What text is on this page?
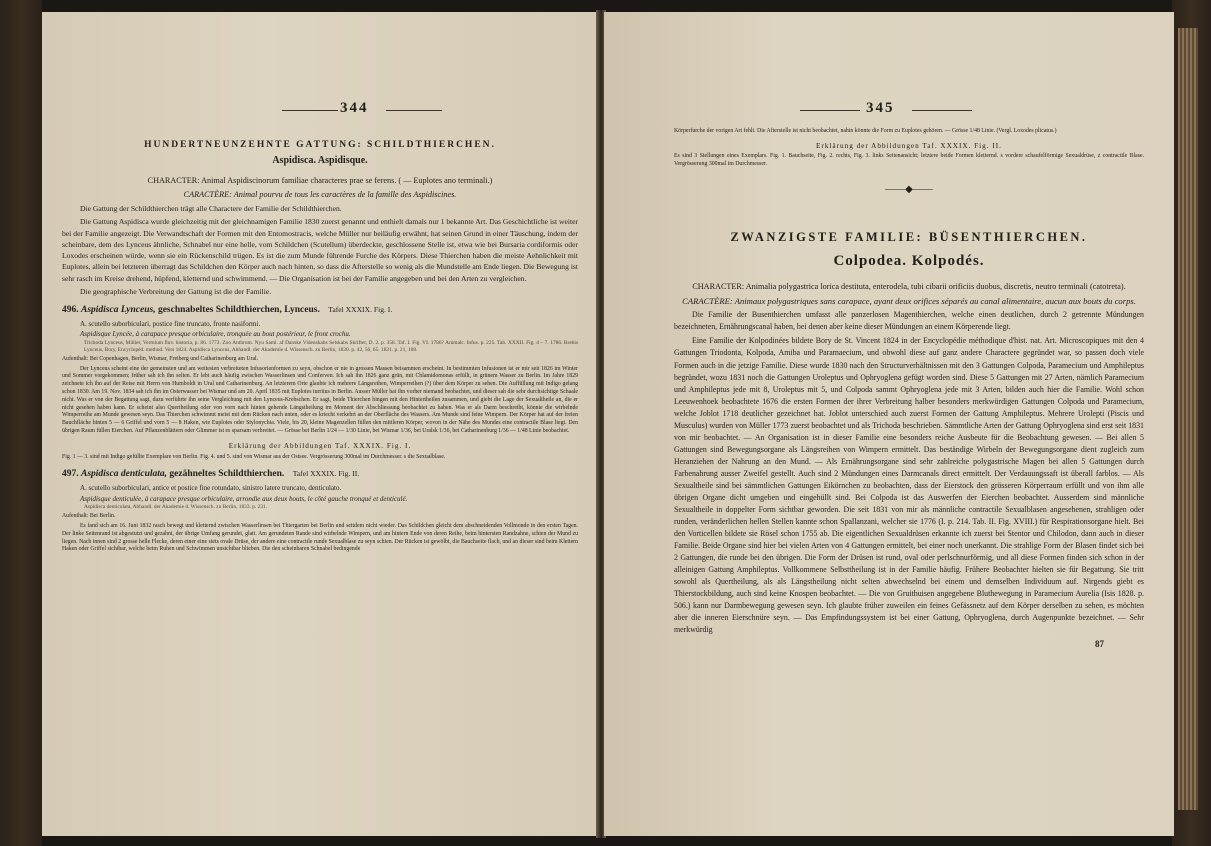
344
HUNDERTNEUNZEHNTE GATTUNG: SCHILDTHIERCHEN.
Aspidisca. Aspidisque.
CHARACTER: Animal Aspidiscinorum familiae characteres prae se ferens. ( — Euplotes ano terminali.)
CARACTÈRE: Animal pourvu de tous les caractères de la famille des Aspidiscines.
Die Gattung der Schildthierchen trägt alle Charactere der Familie der Schildthierchen.
Die Gattung Aspidisca wurde gleichzeitig mit der gleichnamigen Familie 1830 zuerst genannt und enthielt damals nur 1 bekannte Art. Das Geschichtliche ist weiter bei der Familie angezeigt. Die Verwandtschaft der Formen mit den Entomostracis, welche Müller nur beiläufig erwähnt, hat seinen Grund in einer Täuschung, indem der scheinbare, dem des Lynceus ähnliche, Schnabel nur eine helle, vom Schildchen (Scutellum) überdeckte, geschlossene Stelle ist, etwa wie bei Bursaria cordiformis oder Loxodes erscheinen würde, wenn sie ein Rückenschild trügen. Es ist die zum Munde führende Furche des Körpers. Diese Thierchen haben die meiste Aehnlichkeit mit Euplotes, allein bei letzteren überragt das Schildchen den Körper auch nach hinten, so dass die Afterstelle so wenig als die Mundstelle am Ende liegen. Die Bewegung ist sehr rasch im Kreise drehend, hüpfend, kletternd und schwimmend. — Die Organisation ist bei der Familie angegeben und bei den Arten zu vergleichen.
Die geographische Verbreitung der Gattung ist die der Familie.
496. Aspidisca Lynceus, geschnabeltes Schildthierchen, Lynceus. Tafel XXXIX. Fig. I.
A. scutello suborbiculari, postice fine truncato, fronte nasiformi.
Aspidisque Lyncée, à carapace presque orbiculaire, tronquée au bout postérieur, le front crochu.
Trichoda Lynceus, Müller, Vermium fluv. historia, p. 86. 1773. Zoo Anthrum. Nyu Saml. af Danske Videnskabs Selskabs Skrifter, D. 2. p. 358. Taf. I. Fig. VI. 1786? Animalc. Infus. p. 225. Tab. XXXII. Fig. 4 – 7. 1786. Brebis Lynceus, Bory, Encyclopéd. method. Vers 1824. Aspidisca Lynceus, Abhandl. der Akademie d. Wissensch. zu Berlin, 1830. p. 42, 56, 65. 1831. p. 21, 108.
Aufenthalt: Bei Copenhagen, Berlin, Wismar, Freiberg und Catharinenburg am Ural.
Der Lynceus scheint eine der gemeinsten und am weitesten verbreiteten Infusorienformen zu seyn, obschon er nie in grossen Massen beisammen erscheint. In bestimmten Infusionen ist er mir seit 1826 im Winter und Sommer vorgekommen; früher sah ich ihn selten. Er lebt auch häufig zwischen Wasserlinsen und Conferven. Ich sah ihn 1826 ganz grün, mit Chlamidomonas erfüllt, in grünem Wasser zu Berlin. Im Jahre 1829 zeichnete ich ihn auf der Reise mit Herrn von Humboldt in Ural und Catharinenburg. An letzterem Orte glaubte ich mehrere Längsreihen, Wimperreihen (?) über dem Körper zu sehen. Die Auffüllung mit Indigo gelang schon 1830. Am 19. Nov. 1834 sah ich ihn im Osterwasser bei Wismar und am 20. April 1835 mit Euplotes turritus in Berlin. Ausser Müller hat ihn vorher niemand beobachtet, und dieser sah die sehr durchsichtige Schaale nicht. Was er von der Begattung sagt, dazu verführte ihn seine Vergleichung mit den Lynceus-Krebschen. Er sagt, beide Thierchen hingen mit den Hintertheilen zusammen, und giebt die Lage der Sexualtheile an, die er nicht gesehen haben kann. Er scheint also Quertheilung oder von vorn nach hinten gehende Längstheilung im Moment der Abschliessung beobachtet zu haben. Was er als Darm beschreibt, könnte die wirbelnde Wimperreihe am Munde gewesen seyn. Das Thierchen schwimmt meist mit dem Rücken nach unten, oder es kriecht verkehrt an der Oberfläche des Wassers. Am Munde sind feine Wimpern. Der Körper hat auf der freien Bauchfläche hinten 5 — 6 Griffel und vorn 5 — 8 Haken, wie Euplotes oder Stylonychia. Viele, bis 20, kleine Magenzellen füllen den mittleren Körper, wovon in der Nähe des Mundes eine contractile Blase liegt. Den übrigen Raum füllen Eierchen. Auf Pflanzenblättern oder Glimmer ist es sparsam verbreitet. — Grösse bei Berlin 1/24 — 1/30 Linie, bei Wismar 1/36, bei Uralsk 1/36, bei Catharinenburg 1/36 — 1/48 Linie beobachtet.
Erklärung der Abbildungen Taf. XXXIX. Fig. I.
Fig. 1 — 3. sind mit Indigo gefüllte Exemplare von Berlin. Fig. 4. und 5. sind von Wismar aus der Ostsee. Vergrösserung 300mal im Durchmesser. s die Sexualblase.
497. Aspidisca denticulata, gezähneltes Schildthierchen. Tafel XXXIX. Fig. II.
A. scutello suborbiculari, antice et postice fine rotundato, sinistro latere truncato, denticulato.
Aspidisque denticulée, à carapace presque orbiculaire, arrondie aux deux bouts, le côté gauche tronqué et denticulé.
Aspidisca denticulata, Abhandl. der Akademie d. Wissensch. zu Berlin, 1833. p. 231.
Aufenthalt: Bei Berlin.
Es fand sich am 16. Juni 1832 rasch bewegt und kletternd zwischen Wasserlinsen bei Thiergarten bei Berlin und seitdem nicht wieder. Das Schildchen gleicht dem abschneidenden Vollmonde in den ersten Tagen. Der linke Seitenrand ist abgestutzt und gezahnt, der übrige Umfang gerundet, glatt. Am gerundeten Rande sind wirbelnde Wimpern, und am hintern Ende von deren Reihe, beim hintersten Randzahne, schien der Mund zu liegen. Nach innen sind 2 grosse helle Flecke, deren einer eine stets ovale Drüse, der andere eine contractile runde Sexualblase zu seyn schien. Der Rücken ist gewölbt, die Bauchseite flach, und an dieser sind beim Klettern Haken oder Griffel sichtbar, welche beim Ruhen und Schwimmen unsichtbar blieben. Die den scheinbaren Schnabel bedingende
345
Körperfurche der vorigen Art fehlt. Die Afterstelle ist nicht beobachtet, nahin könnte die Form zu Euplotes gehören. — Grösse 1/48 Linie. (Vergl. Loxodes plicatus.)
Erklärung der Abbildungen Taf. XXXIX. Fig. II.
Es sind 3 Stellungen eines Exemplars. Fig. 1. Bauchseite, Fig. 2. rechts, Fig. 3. links Seitenansicht; letztere beide Formen kletternd. s vordere schaufelförmige Sexualdrüse, z contractile Blase. Vergrösserung 300mal im Durchmesser.
——◆——
ZWANZIGSTE FAMILIE: BÜSENTHIERCHEN.
Colpodea. Kolpodés.
CHARACTER: Animalia polygastrica lorica destituta, enterodela, tubi cibarii orificiis duobus, discretis, neutro terminali (catotreta).
CARACTÈRE: Animaux polygastriques sans carapace, ayant deux orifices séparés au canal alimentaire, aucun aux bouts du corps.
Die Familie der Busenthierchen umfasst alle panzerlosen Magenthierchen, welche einen deutlichen, durch 2 getrennte Mündungen bezeichneten, Ernährungscanal haben, bei denen aber keine dieser Mündungen an einem Körperende liegt.
Eine Familie der Kolpodinées bildete Bory de St. Vincent 1824 in der Encyclopédie méthodique d'hist. nat. Art. Microscopiques mit den 4 Gattungen Triodonta, Kolpoda, Amiba und Paramaecium, und obwohl diese auf ganz andere Charactere gegründet war, so passen doch viele Formen auch in die jetzige Familie. Diese wurde 1830 nach den Structurverhältnissen mit den 3 Gattungen Colpoda, Paramecium und Amphileptus begründet, wozu 1831 noch die Gattungen Uroleptus und Ophryoglena gefügt worden sind. Diese 5 Gattungen mit 27 Arten, nämlich Paramecium und Amphileptus jede mit 8, Uroleptus mit 5, und Colpoda sammt Ophryoglena jede mit 3 Arten, bilden auch hier die Familie. Wohl schon Leeuwenhoek beobachtete 1676 die ersten Formen der ihrer Verbreitung halber besonders merkwürdigen Gattungen Colpoda und Paramecium, welche Joblot 1718 deutlicher gezeichnet hat. Joblot unterschied auch zuerst Formen der Gattung Amphileptus. Mehrere Urolepti (Piscis und Musculus) wurden von Müller 1773 zuerst beobachtet und als Trichoda beschrieben. Sämmtliche Arten der Gattung Ophryoglena sind erst seit 1831 von mir beobachtet. — An Organisation ist in dieser Familie eine besonders reiche Ausbeute für die Beobachtung gewesen. — Bei allen 5 Gattungen sind Bewegungsorgane als Längsreihen von Wimpern ermittelt. Das beständige Wirbeln der Bewegungsorgane dient zugleich zum Heranziehen der Nahrung an den Mund. — Als Ernährungsorgane sind sehr zahlreiche polygastrische Magen bei allen 5 Gattungen durch Farbenahrung ausser Zweifel gestellt. Auch sind 2 Mündungen eines Darmcanals direct ermittelt. Der Verdauungssaft ist überall farblos. — Als Sexualtheile sind bei sämmtlichen Gattungen Eikörnchen zu beobachten, dass der Eierstock den grösseren Körperraum erfüllt und von ihm alle übrigen Organe dicht umgeben und eingehüllt sind. Bei Colpoda ist das Auswerfen der Eierchen beobachtet. Ausserdem sind männliche Sexualtheile in doppelter Form sichtbar geworden. Die seit 1831 von mir als männliche contractile Sexualblasen angesehenen, strahligen oder runden, veränderlichen hellen Stellen kannte schon Spallanzani, welcher sie 1776 (I. p. 214. Tab. II. Fig. XVIII.) für Respirationsorgane hielt. Bei den Vorticellen bildete sie Rösel schon 1755 ab. Die eigentlichen Sexualdrüsen erkannte ich zuerst bei Stentor und Chilodon, dann auch in dieser Familie. Beide Organe sind hier bei vielen Arten von 4 Gattungen ermittelt, bei einer noch unerkannt. Die strahlige Form der Blasen findet sich bei 2 Gattungen, die runde bei den übrigen. Die Form der Drüsen ist rund, oval oder perlschnurförmig, und all diese Formen finden sich schon in der alleinigen Gattung Amphileptus. Vollkommene Selbsttheilung ist in der Familie häufig. Frühere Beobachter hielten sie für Begattung. Sie tritt sowohl als Quertheilung, als als Längstheilung nicht selten abwechselnd bei einem und demselben Individuum auf. Nirgends giebt es Thierstockbildung, auch sind keine Knospen beobachtet. — Die von Gruithuisen angegebene Bluthewegung in Paramecium Aurelia (Isis 1828. p. 506.) kann nur Darmbewegung gewesen seyn. Ich glaubte früher zuweilen ein feines Gefässnetz auf dem Körper derselben zu sehen, es möchten aber die inneren Eierschnüre seyn. — Das Empfindungssystem ist bei einer Gattung, Ophryoglena, durch Augenpunkte bezeichnet. — Sehr merkwürdig
87
